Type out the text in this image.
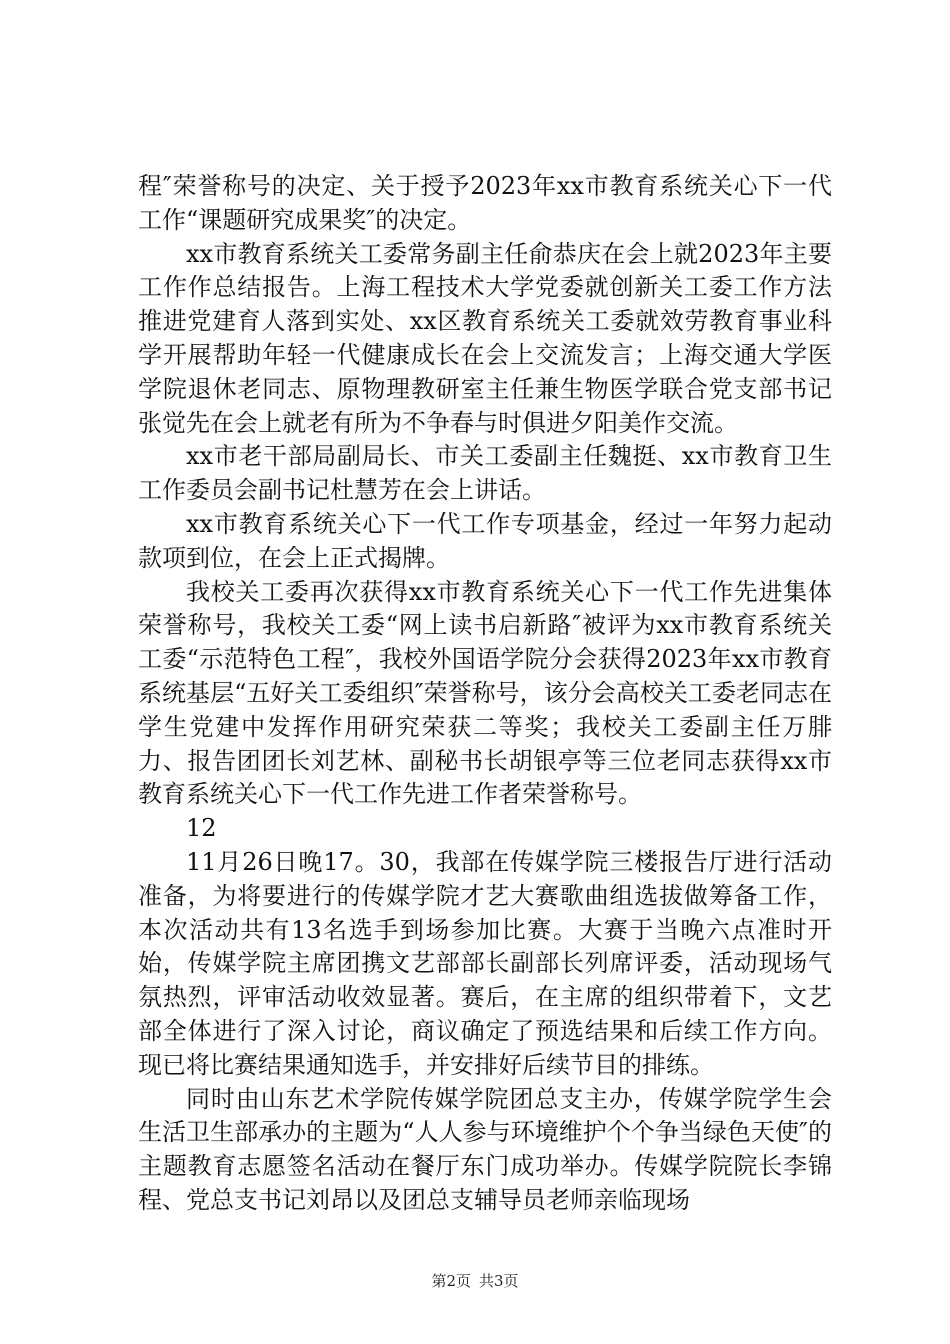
程″荣誉称号的决定、关于授予2023年xx市教育系统关心下一代工作“课题研究成果奖″的决定。

xx市教育系统关工委常务副主任俞恭庆在会上就2023年主要工作作总结报告。上海工程技术大学党委就创新关工委工作方法推进党建育人落到实处、xx区教育系统关工委就效劳教育事业科学开展帮助年轻一代健康成长在会上交流发言；上海交通大学医学院退休老同志、原物理教研室主任兼生物医学联合党支部书记张觉先在会上就老有所为不争春与时俱进夕阳美作交流。

xx市老干部局副局长、市关工委副主任魏挺、xx市教育卫生工作委员会副书记杜慧芳在会上讲话。

xx市教育系统关心下一代工作专项基金，经过一年努力起动款项到位，在会上正式揭牌。

我校关工委再次获得xx市教育系统关心下一代工作先进集体荣誉称号，我校关工委“网上读书启新路″被评为xx市教育系统关工委“示范特色工程″，我校外国语学院分会获得2023年xx市教育系统基层“五好关工委组织″荣誉称号，该分会高校关工委老同志在学生党建中发挥作用研究荣获二等奖；我校关工委副主任万腓力、报告团团长刘艺林、副秘书长胡银亭等三位老同志获得xx市教育系统关心下一代工作先进工作者荣誉称号。

12

11月26日晚17。30，我部在传媒学院三楼报告厅进行活动准备，为将要进行的传媒学院才艺大赛歌曲组选拔做筹备工作，本次活动共有13名选手到场参加比赛。大赛于当晚六点准时开始，传媒学院主席团携文艺部部长副部长列席评委，活动现场气氛热烈，评审活动收效显著。赛后，在主席的组织带着下，文艺部全体进行了深入讨论，商议确定了预选结果和后续工作方向。现已将比赛结果通知选手，并安排好后续节目的排练。

同时由山东艺术学院传媒学院团总支主办，传媒学院学生会生活卫生部承办的主题为“人人参与环境维护个个争当绿色天使″的主题教育志愿签名活动在餐厅东门成功举办。传媒学院院长李锦程、党总支书记刘昂以及团总支辅导员老师亲临现场

第2页 共3页
